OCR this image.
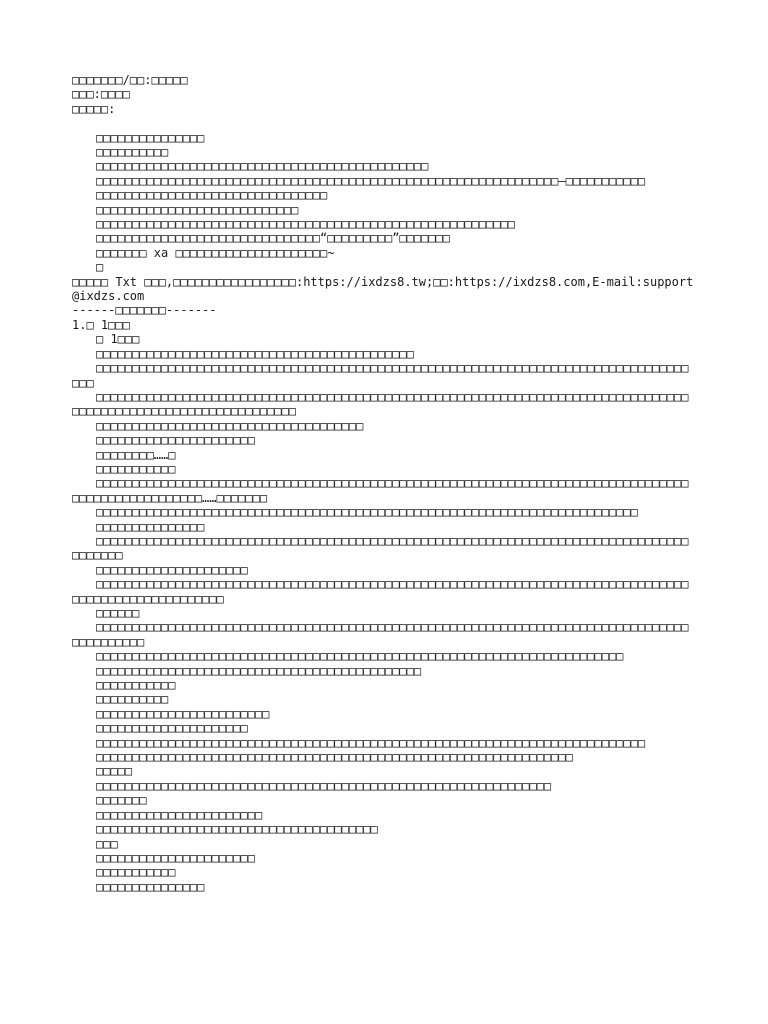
□□□□□□□/□□:□□□□□

□□□:□□□□

□□□□□:

□□□□□□□□□□□□□□□

□□□□□□□□□□

□□□□□□□□□□□□□□□□□□□□□□□□□□□□□□□□□□□□□□□□□□□□□□

□□□□□□□□□□□□□□□□□□□□□□□□□□□□□□□□□□□□□□□□□□□□□□□□□□□□□□□□□□□□□□□□—□□□□□□□□□□□

□□□□□□□□□□□□□□□□□□□□□□□□□□□□□□□□

□□□□□□□□□□□□□□□□□□□□□□□□□□□□

□□□□□□□□□□□□□□□□□□□□□□□□□□□□□□□□□□□□□□□□□□□□□□□□□□□□□□□□□□

□□□□□□□□□□□□□□□□□□□□□□□□□□□□□□□“□□□□□□□□□”□□□□□□□

□□□□□□□ xa □□□□□□□□□□□□□□□□□□□□□~

□

□□□□□ Txt □□□,□□□□□□□□□□□□□□□□□:https://ixdzs8.tw;□□:https://ixdzs8.com,E-mail:support@ixdzs.com

------□□□□□□□-------

1.□ 1□□□

□ 1□□□

□□□□□□□□□□□□□□□□□□□□□□□□□□□□□□□□□□□□□□□□□□□□

□□□□□□□□□□□□□□□□□□□□□□□□□□□□□□□□□□□□□□□□□□□□□□□□□□□□□□□□□□□□□□□□□□□□□□□□□□□□□□□□□□□□□

□□□□□□□□□□□□□□□□□□□□□□□□□□□□□□□□□□□□□□□□□□□□□□□□□□□□□□□□□□□□□□□□□□□□□□□□□□□□□□□□□□□□□□□□□□□□□□□□□□□□□□□□□□□□□□□□□

□□□□□□□□□□□□□□□□□□□□□□□□□□□□□□□□□□□□□

□□□□□□□□□□□□□□□□□□□□□□

□□□□□□□□……□

□□□□□□□□□□□

□□□□□□□□□□□□□□□□□□□□□□□□□□□□□□□□□□□□□□□□□□□□□□□□□□□□□□□□□□□□□□□□□□□□□□□□□□□□□□□□□□□□□□□□□□□□□□□□□□□□……□□□□□□□

□□□□□□□□□□□□□□□□□□□□□□□□□□□□□□□□□□□□□□□□□□□□□□□□□□□□□□□□□□□□□□□□□□□□□□□□□□□

□□□□□□□□□□□□□□□

□□□□□□□□□□□□□□□□□□□□□□□□□□□□□□□□□□□□□□□□□□□□□□□□□□□□□□□□□□□□□□□□□□□□□□□□□□□□□□□□□□□□□□□□□

□□□□□□□□□□□□□□□□□□□□□

□□□□□□□□□□□□□□□□□□□□□□□□□□□□□□□□□□□□□□□□□□□□□□□□□□□□□□□□□□□□□□□□□□□□□□□□□□□□□□□□□□□□□□□□□□□□□□□□□□□□□□□

□□□□□□

□□□□□□□□□□□□□□□□□□□□□□□□□□□□□□□□□□□□□□□□□□□□□□□□□□□□□□□□□□□□□□□□□□□□□□□□□□□□□□□□□□□□□□□□□□□□

□□□□□□□□□□□□□□□□□□□□□□□□□□□□□□□□□□□□□□□□□□□□□□□□□□□□□□□□□□□□□□□□□□□□□□□□□

□□□□□□□□□□□□□□□□□□□□□□□□□□□□□□□□□□□□□□□□□□□□□

□□□□□□□□□□□

□□□□□□□□□□

□□□□□□□□□□□□□□□□□□□□□□□□

□□□□□□□□□□□□□□□□□□□□□

□□□□□□□□□□□□□□□□□□□□□□□□□□□□□□□□□□□□□□□□□□□□□□□□□□□□□□□□□□□□□□□□□□□□□□□□□□□□

□□□□□□□□□□□□□□□□□□□□□□□□□□□□□□□□□□□□□□□□□□□□□□□□□□□□□□□□□□□□□□□□□□

□□□□□

□□□□□□□□□□□□□□□□□□□□□□□□□□□□□□□□□□□□□□□□□□□□□□□□□□□□□□□□□□□□□□□

□□□□□□□

□□□□□□□□□□□□□□□□□□□□□□□

□□□□□□□□□□□□□□□□□□□□□□□□□□□□□□□□□□□□□□□

□□□

□□□□□□□□□□□□□□□□□□□□□□

□□□□□□□□□□□

□□□□□□□□□□□□□□□
